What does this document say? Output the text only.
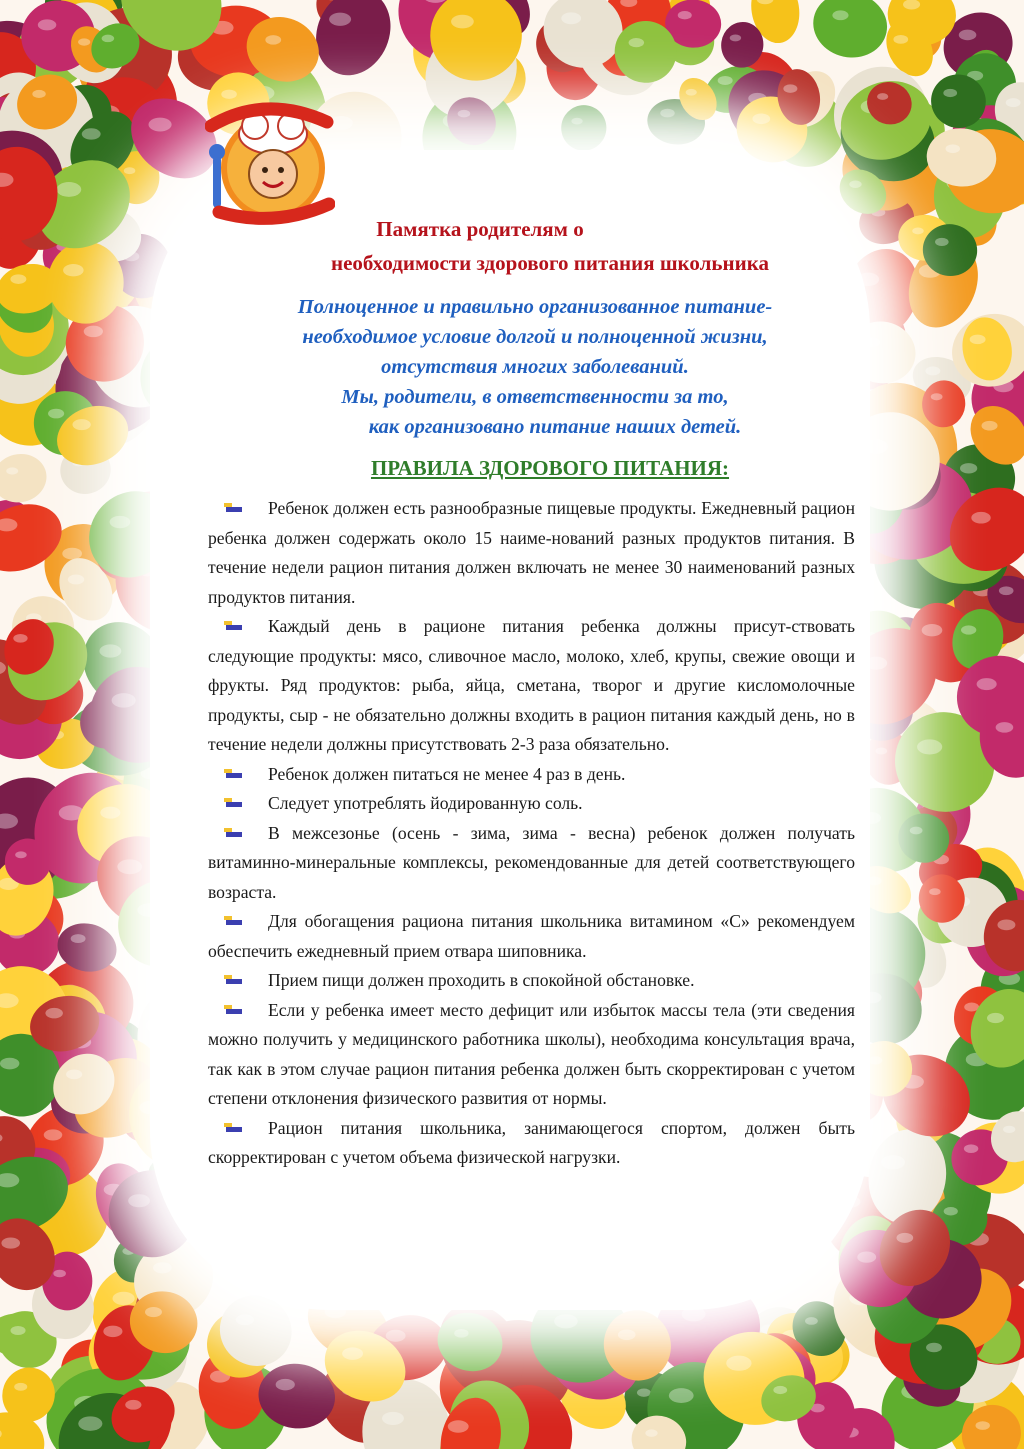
Памятка родителям о
необходимости здорового питания школьника
Полноценное и правильно организованное питание-
необходимое условие долгой и полноценной жизни,
отсутствия многих заболеваний.
Мы, родители, в ответственности за то,
как организовано питание наших детей.
ПРАВИЛА ЗДОРОВОГО ПИТАНИЯ:

Ребенок должен есть разнообразные пищевые продукты. Ежедневный рацион ребенка должен содержать около 15 наиме-нований разных продуктов питания. В течение недели рацион питания должен включать не менее 30 наименований разных продуктов питания.

Каждый день в рационе питания ребенка должны присут-ствовать следующие продукты: мясо, сливочное масло, молоко, хлеб, крупы, свежие овощи и фрукты. Ряд продуктов: рыба, яйца, сметана, творог и другие кисломолочные продукты, сыр - не обязательно должны входить в рацион питания каждый день, но в течение недели должны присутствовать 2-3 раза обязательно.

Ребенок должен питаться не менее 4 раз в день.

Следует употреблять йодированную соль.

В межсезонье (осень - зима, зима - весна) ребенок должен получать витаминно-минеральные комплексы, рекомендованные для детей соответствующего возраста.

Для обогащения рациона питания школьника витамином «С» рекомендуем обеспечить ежедневный прием отвара шиповника.

Прием пищи должен проходить в спокойной обстановке.

Если у ребенка имеет место дефицит или избыток массы тела (эти сведения можно получить у медицинского работника школы), необходима консультация врача, так как в этом случае рацион питания ребенка должен быть скорректирован с учетом степени отклонения физического развития от нормы.

Рацион питания школьника, занимающегося спортом, должен быть скорректирован с учетом объема физической нагрузки.
